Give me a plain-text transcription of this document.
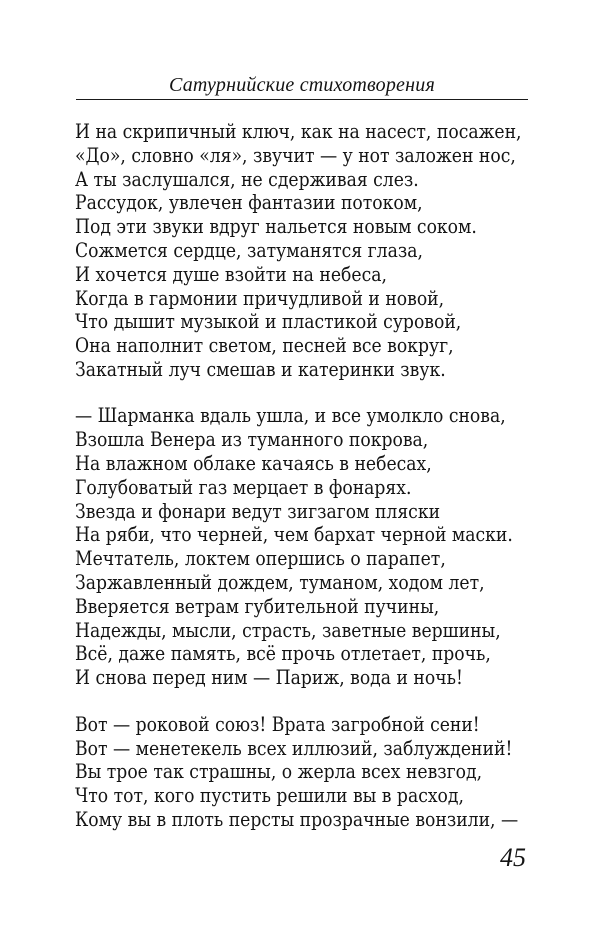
Сатурнийские стихотворения
И на скрипичный ключ, как на насест, посажен,
«До», словно «ля», звучит — у нот заложен нос,
А ты заслушался, не сдерживая слез.
Рассудок, увлечен фантазии потоком,
Под эти звуки вдруг нальется новым соком.
Сожмется сердце, затуманятся глаза,
И хочется душе взойти на небеса,
Когда в гармонии причудливой и новой,
Что дышит музыкой и пластикой суровой,
Она наполнит светом, песней все вокруг,
Закатный луч смешав и катеринки звук.
— Шарманка вдаль ушла, и все умолкло снова,
Взошла Венера из туманного покрова,
На влажном облаке качаясь в небесах,
Голубоватый газ мерцает в фонарях.
Звезда и фонари ведут зигзагом пляски
На ряби, что черней, чем бархат черной маски.
Мечтатель, локтем опершись о парапет,
Заржавленный дождем, туманом, ходом лет,
Вверяется ветрам губительной пучины,
Надежды, мысли, страсть, заветные вершины,
Всё, даже память, всё прочь отлетает, прочь,
И снова перед ним — Париж, вода и ночь!
Вот — роковой союз! Врата загробной сени!
Вот — менетекель всех иллюзий, заблуждений!
Вы трое так страшны, о жерла всех невзгод,
Что тот, кого пустить решили вы в расход,
Кому вы в плоть персты прозрачные вонзили, —
45
